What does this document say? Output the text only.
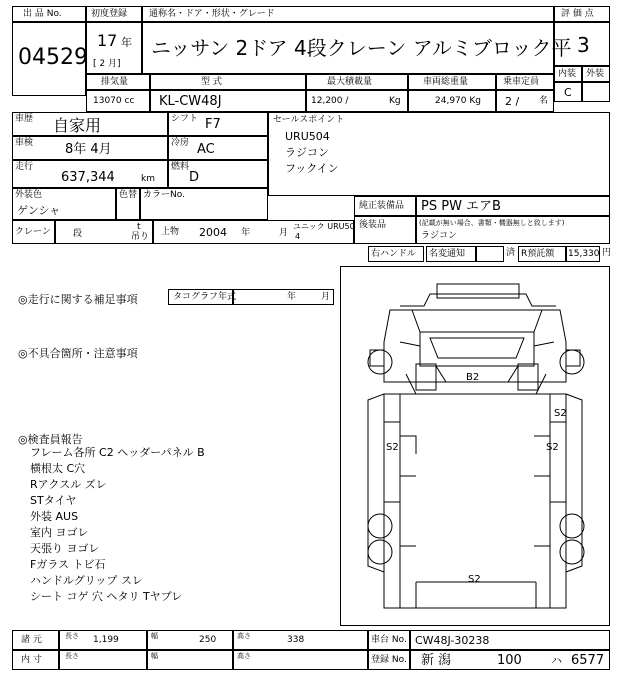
出 品 No.
04529
初度登録 通称名・ドア・形状・グレード
17 年
[ 2 月]
ニッサン 2ドア 4段クレーン アルミブロック平
評 価 点
3
内装 外装
C
排気量	型 式	最大積載量	車両総重量	乗車定員
13070 cc KL-CW48J	12,200 /	Kg	24,970 Kg 2 / 名
車歴 自家用	シフト F7
車検 8年 4月	冷房 AC
走行
637,344	km
燃料
D
外装色
ゲンシャ
色替 カラーNo.
セールスポイント
URU504
ラジコン
フックイン
純正装備品 PS PW エアB
後装品	(記載が無い場合、書類・機器無しと致します)
ラジコン
クレーン 段
t
吊り 上物 2004 年	月
ユニック URU50
4
右ハンドル 名変通知	済 R預託額 15,330 円
◎走行に関する補足事項	タコグラフ年式	年	月
◎不具合箇所・注意事項
◎検査員報告
フレーム各所 C2 ヘッダーパネル B
横根太 C穴
Rアクスル ズレ
STタイヤ
外装 AUS
室内 ヨゴレ
天張り ヨゴレ
Fガラス トビ石
ハンドルグリップ スレ
シート コゲ 穴 ヘタリ Tヤブレ
B2
S2
S2	S2
S2
諸 元	長さ 1,199	幅	250	高さ	338
内 寸	長さ	幅	高さ
車台 No. CW48J-30238
登録 No. 新 潟	100	ハ 6577
